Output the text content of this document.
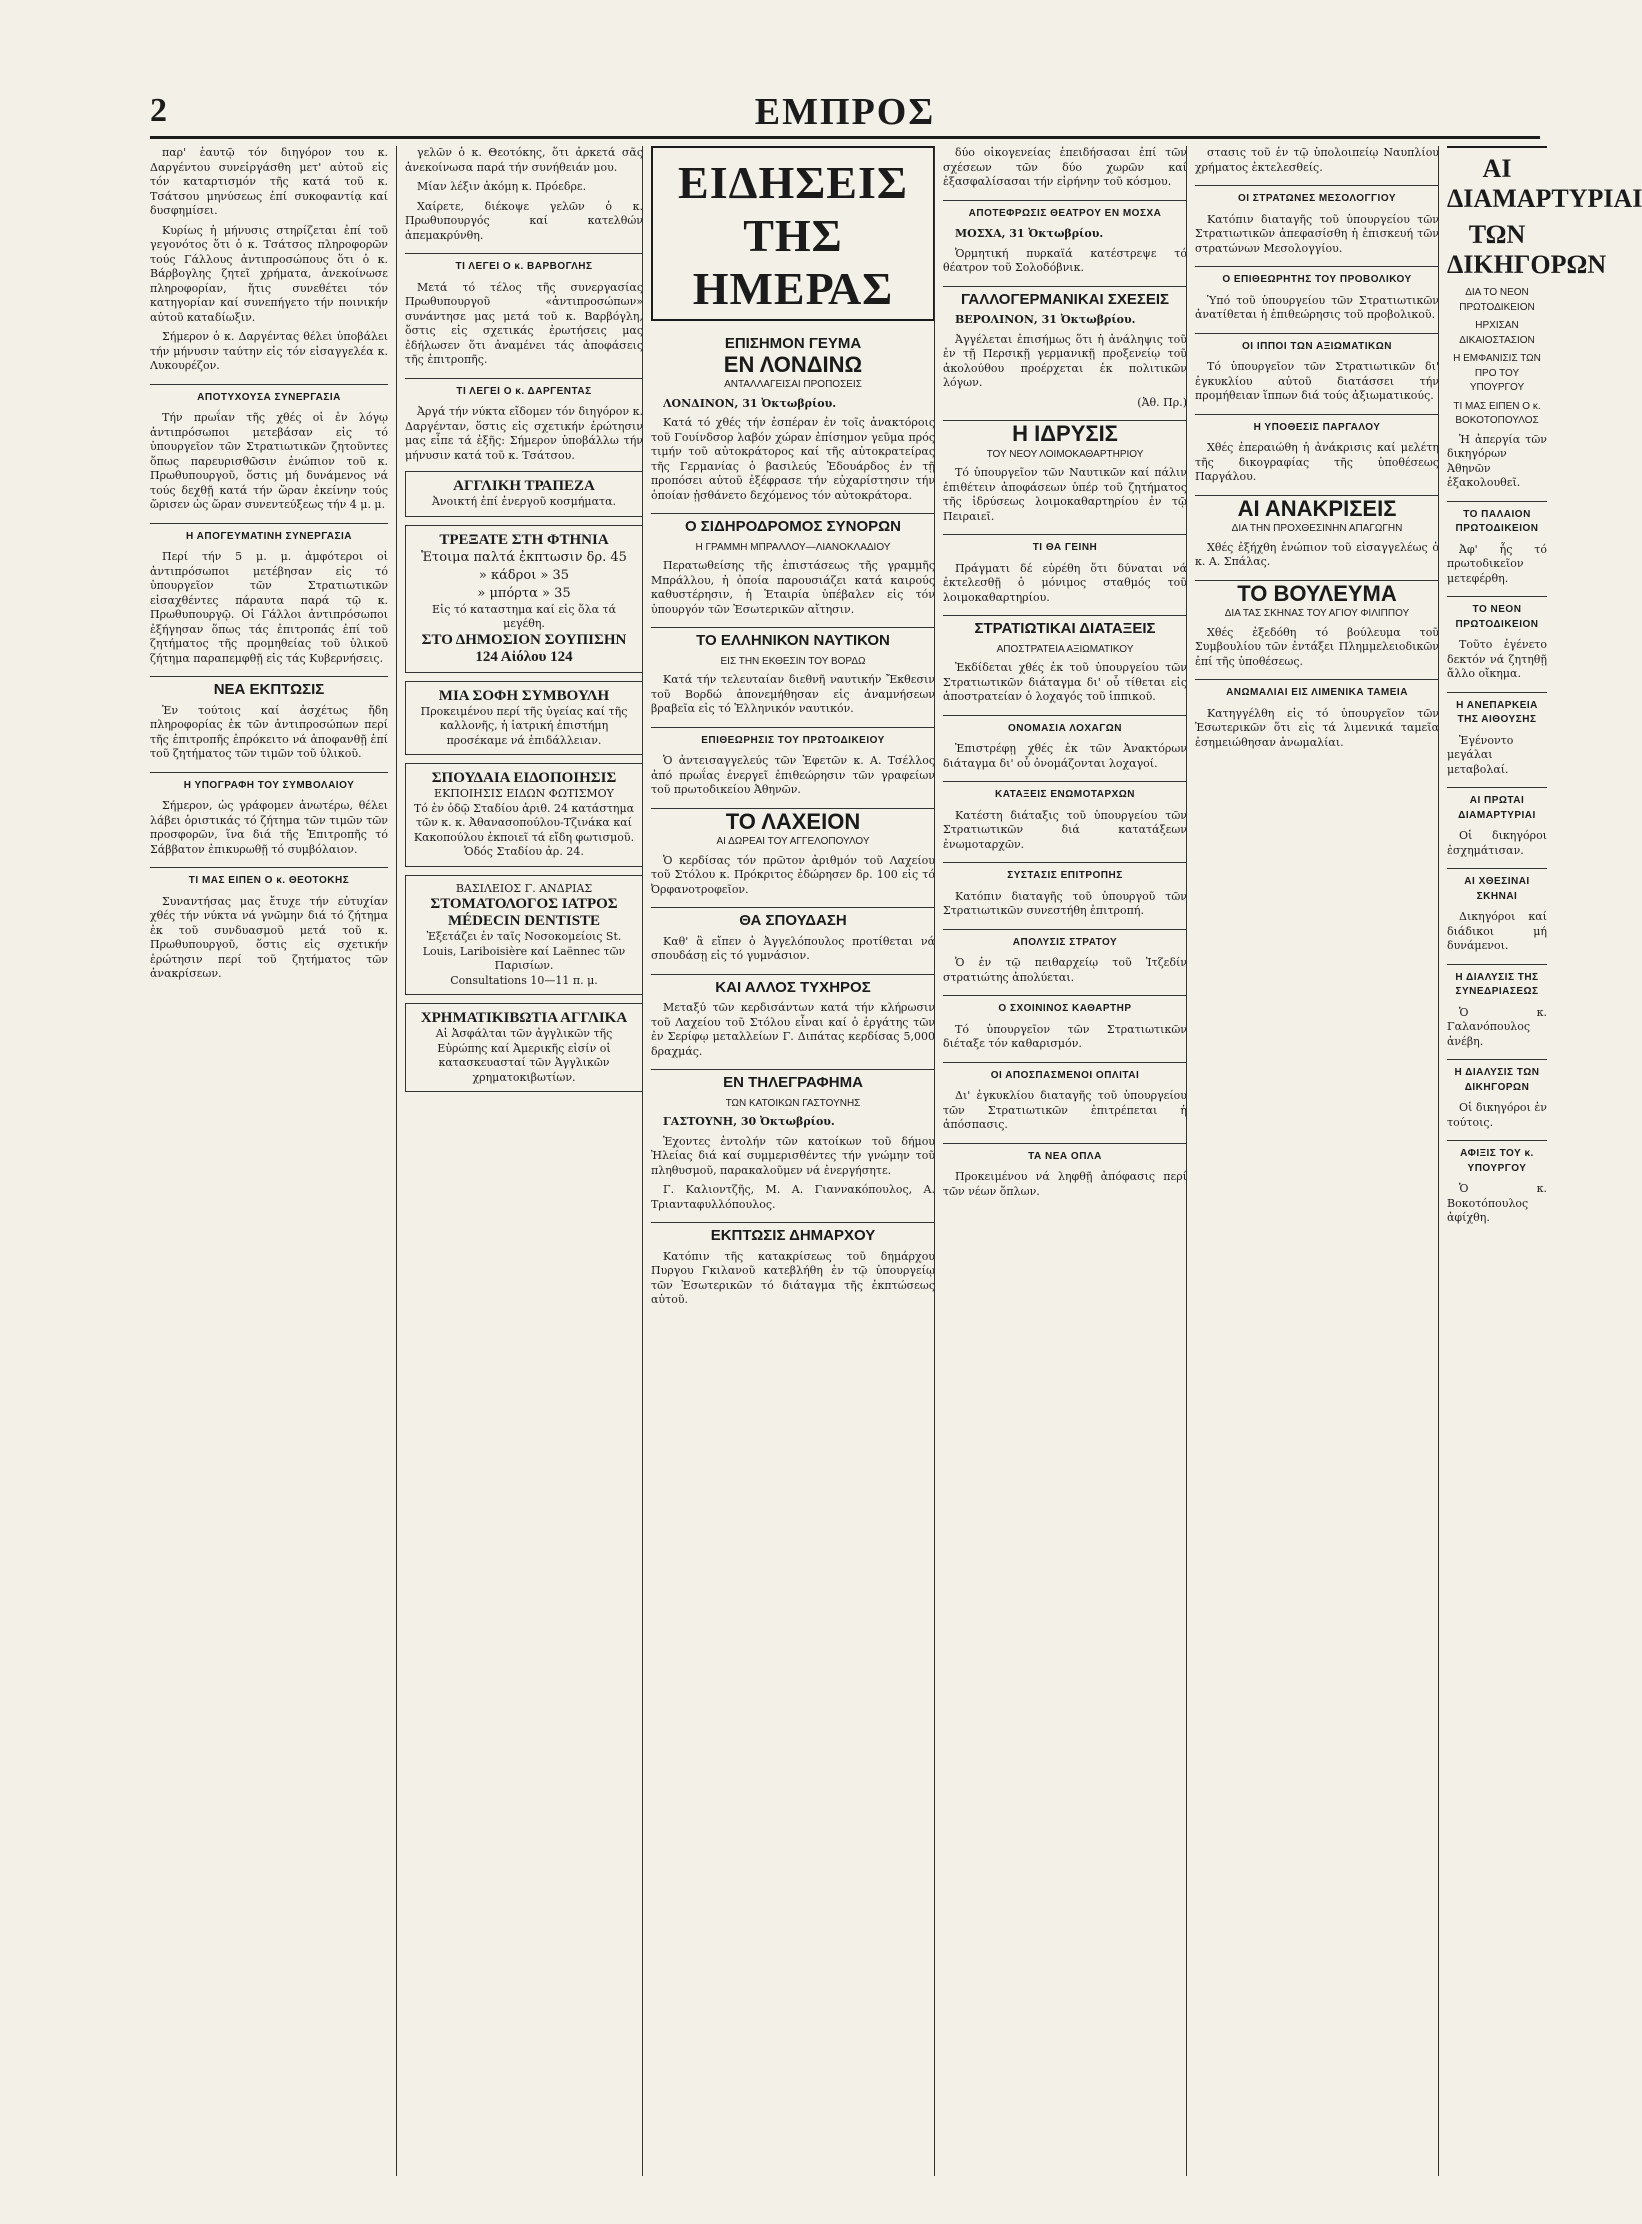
2	ΕΜΠΡΟΣ

παρ' ἑαυτῷ τόν διηγόρον του κ. Δαργέντου συνεἰργάσθη μετ' αὐτοῦ εἰς τόν καταρτισμόν τῆς κατά τοῦ κ. Τσάτσου μηνύσεως ἐπί συκοφαντίᾳ καί δυσφημίσει.

Κυρίως ἡ μήνυσις στηρίζεται ἐπί τοῦ γεγονότος ὅτι ὁ κ. Τσάτσος πληροφορῶν τούς Γάλλους ἀντιπροσώπους ὅτι ὁ κ. Βάρβογλης ζητεῖ χρήματα, ἀνεκοίνωσε πληροφορίαν, ἥτις συνεθέτει τόν κατηγορίαν καί συνεπήγετο τήν ποινικήν αὐτοῦ καταδίωξιν.

Σήμερον ὁ κ. Δαργέντας θέλει ὑποβάλει τήν μήνυσιν ταύτην εἰς τόν εἰσαγγελέα κ. Λυκουρέζον.

ΑΠΟΤΥΧΟΥΣΑ ΣΥΝΕΡΓΑΣΙΑ

Τήν πρωΐαν τῆς χθές οἱ ἐν λόγῳ ἀντιπρόσωποι μετεβάσαν εἰς τό ὑπουργεῖον τῶν Στρατιωτικῶν ζητοῦντες ὅπως παρευρισθῶσιν ἐνώπιον τοῦ κ. Πρωθυπουργοῦ, ὅστις μή δυνάμενος νά τούς δεχθῇ κατά τήν ὥραν ἐκείνην τούς ὥρισεν ὡς ὥραν συνεντεύξεως τήν 4 μ. μ.

Η ΑΠΟΓΕΥΜΑΤΙΝΗ ΣΥΝΕΡΓΑΣΙΑ

Περί τήν 5 μ. μ. ἀμφότεροι οἱ ἀντιπρόσωποι μετέβησαν εἰς τό ὑπουργεῖον τῶν Στρατιωτικῶν εἰσαχθέντες πάραυτα παρά τῷ κ. Πρωθυπουργῷ. Οἱ Γάλλοι ἀντιπρόσωποι ἐξήγησαν ὅπως τάς ἐπιτροπάς ἐπί τοῦ ζητήματος τῆς προμηθείας τοῦ ὑλικοῦ ζήτημα παραπεμφθῇ εἰς τάς Κυβερνήσεις.

ΝΕΑ ΕΚΠΤΩΣΙΣ

Ἐν τούτοις καί ἀσχέτως ἤδη πληροφορίας ἐκ τῶν ἀντιπροσώπων περί τῆς ἐπιτροπῆς ἐπρόκειτο νά ἀποφανθῇ ἐπί τοῦ ζητήματος τῶν τιμῶν τοῦ ὑλικοῦ.

Η ΥΠΟΓΡΑΦΗ ΤΟΥ ΣΥΜΒΟΛΑΙΟΥ

Σήμερον, ὡς γράφομεν ἀνωτέρω, θέλει λάβει ὁριστικάς τό ζήτημα τῶν τιμῶν τῶν προσφορῶν, ἵνα διά τῆς Ἐπιτροπῆς τό Σάββατον ἐπικυρωθῇ τό συμβόλαιον.

ΤΙ ΜΑΣ ΕΙΠΕΝ Ο κ. ΘΕΟΤΟΚΗΣ

Συναντήσας μας ἔτυχε τήν εὐτυχίαν χθές τήν νύκτα νά γνῶμην διά τό ζήτημα ἐκ τοῦ συνδυασμοῦ μετά τοῦ κ. Πρωθυπουργοῦ, ὅστις εἰς σχετικήν ἐρώτησιν περί τοῦ ζητήματος τῶν ἀνακρίσεων.

γελῶν ὁ κ. Θεοτόκης, ὅτι ἀρκετά σᾶς ἀνεκοίνωσα παρά τήν συνήθειάν μου.

Μίαν λέξιν ἀκόμη κ. Πρόεδρε.

Χαίρετε, διέκοψε γελῶν ὁ κ. Πρωθυπουργός καί κατελθών ἀπεμακρύνθη.

ΤΙ ΛΕΓΕΙ Ο κ. ΒΑΡΒΟΓΛΗΣ

Μετά τό τέλος τῆς συνεργασίας Πρωθυπουργοῦ «ἀντιπροσώπων» συνάντησε μας μετά τοῦ κ. Βαρβόγλη, ὅστις εἰς σχετικάς ἐρωτήσεις μας ἐδήλωσεν ὅτι ἀναμένει τάς ἀποφάσεις τῆς ἐπιτροπῆς.

ΤΙ ΛΕΓΕΙ Ο κ. ΔΑΡΓΕΝΤΑΣ

Ἀργά τήν νύκτα εἴδομεν τόν διηγόρον κ. Δαργένταν, ὅστις εἰς σχετικήν ἐρώτησιν μας εἶπε τά ἑξῆς: Σήμερον ὑποβάλλω τήν μήνυσιν κατά τοῦ κ. Τσάτσου.

ΑΓΓΛΙΚΗ ΤΡΑΠΕΖΑ
Ἀνοικτή ἐπί ἐνεργοῦ κοσμήματα.
ΤΡΕΞΑΤΕ ΣΤΗ ΦΤΗΝΙΑ
Ἑτοιμα παλτά ἐκπτωσιν δρ. 45
» κάδροι » 35
» μπόρτα » 35
Εἰς τό καταστημα καί εἰς ὅλα τά μεγέθη.
ΣΤΟ ΔΗΜΟΣΙΟΝ ΣΟΥΠΙΣΗΝ
124 Αἰόλου 124
ΜΙΑ ΣΟΦΗ ΣΥΜΒΟΥΛΗ
Προκειμένου περί τῆς ὑγείας καί τῆς καλλονῆς, ἡ ἱατρική ἐπιστήμη προσέκαμε νά ἐπιδάλλειαν.
ΣΠΟΥΔΑΙΑ ΕΙΔΟΠΟΙΗΣΙΣ
ΕΚΠΟΙΗΣΙΣ ΕΙΔΩΝ ΦΩΤΙΣΜΟΥ
Τό ἐν ὁδῷ Σταδίου ἀριθ. 24 κατάστημα τῶν κ. κ. Ἀθανασοπούλου-Τζινάκα καί Κακοπούλου ἐκποιεῖ τά εἴδη φωτισμοῦ.
Ὁδός Σταδίου ἀρ. 24.
ΒΑΣΙΛΕΙΟΣ Γ. ΑΝΔΡΙΑΣ
ΣΤΟΜΑΤΟΛΟΓΟΣ ΙΑΤΡΟΣ
MÉDECIN DENTISTE
Ἐξετάζει ἐν ταῖς Νοσοκομείοις St. Louis, Lariboisière καί Laënnec τῶν Παρισίων.
Consultations 10—11 π. μ.
ΧΡΗΜΑΤΙΚΙΒΩΤΙΑ ΑΓΓΛΙΚΑ
Αἱ Ἀσφάλται τῶν ἀγγλικῶν τῆς Εὐρώπης καί Ἀμερικῆς εἰσίν οἱ κατασκευασταί τῶν Ἀγγλικῶν χρηματοκιβωτίων.
ΕΙΔΗΣΕΙΣ ΤΗΣ ΗΜΕΡΑΣ
ΕΠΙΣΗΜΟΝ ΓΕΥΜΑ
ΕΝ ΛΟΝΔΙΝΩ
ΑΝΤΑΛΛΑΓΕΙΣΑΙ ΠΡΟΠΟΣΕΙΣ

ΛΟΝΔΙΝΟΝ, 31 Ὀκτωβρίου.

Κατά τό χθές τήν ἑσπέραν ἐν τοῖς ἀνακτόροις τοῦ Γουίνδσορ λαβόν χώραν ἐπίσημον γεῦμα πρός τιμήν τοῦ αὐτοκράτορος καί τῆς αὐτοκρατείρας τῆς Γερμανίας ὁ βασιλεύς Ἐδουάρδος ἐν τῇ προπόσει αὐτοῦ ἐξέφρασε τήν εὐχαρίστησιν τήν ὁποίαν ᾐσθάνετο δεχόμενος τόν αὐτοκράτορα.

Ο ΣΙΔΗΡΟΔΡΟΜΟΣ ΣΥΝΟΡΩΝ
Η ΓΡΑΜΜΗ ΜΠΡΑΛΛΟΥ—ΛΙΑΝΟΚΛΑΔΙΟΥ

Περατωθείσης τῆς ἐπιστάσεως τῆς γραμμῆς Μπράλλου, ἡ ὁποία παρουσιάζει κατά καιρούς καθυστέρησιν, ἡ Ἑταιρία ὑπέβαλεν εἰς τόν ὑπουργόν τῶν Ἐσωτερικῶν αἴτησιν.

ΤΟ ΕΛΛΗΝΙΚΟΝ ΝΑΥΤΙΚΟΝ
ΕΙΣ ΤΗΝ ΕΚΘΕΣΙΝ ΤΟΥ ΒΟΡΔΩ

Κατά τήν τελευταίαν διεθνῆ ναυτικήν Ἔκθεσιν τοῦ Βορδώ ἀπονεμήθησαν εἰς ἀναμνήσεων βραβεῖα εἰς τό Ἑλληνικόν ναυτικόν.

ΕΠΙΘΕΩΡΗΣΙΣ ΤΟΥ ΠΡΩΤΟΔΙΚΕΙΟΥ

Ὁ ἀντεισαγγελεύς τῶν Ἐφετῶν κ. Α. Τσέλλος ἀπό πρωΐας ἐνεργεῖ ἐπιθεώρησιν τῶν γραφείων τοῦ πρωτοδικείου Ἀθηνῶν.

ΤΟ ΛΑΧΕΙΟΝ
ΑΙ ΔΩΡΕΑΙ ΤΟΥ ΑΓΓΕΛΟΠΟΥΛΟΥ

Ὁ κερδίσας τόν πρῶτον ἀριθμόν τοῦ Λαχείου τοῦ Στόλου κ. Πρόκριτος ἐδώρησεν δρ. 100 εἰς τό Ὀρφανοτροφεῖον.

ΘΑ ΣΠΟΥΔΑΣΗ

Καθ' ἃ εἴπεν ὁ Ἀγγελόπουλος προτίθεται νά σπουδάσῃ εἰς τό γυμνάσιον.

ΚΑΙ ΑΛΛΟΣ ΤΥΧΗΡΟΣ

Μεταξύ τῶν κερδισάντων κατά τήν κλήρωσιν τοῦ Λαχείου τοῦ Στόλου εἶναι καί ὁ ἐργάτης τῶν ἐν Σερίφῳ μεταλλείων Γ. Διπάτας κερδίσας 5,000 δραχμάς.

ΕΝ ΤΗΛΕΓΡΑΦΗΜΑ
ΤΩΝ ΚΑΤΟΙΚΩΝ ΓΑΣΤΟΥΝΗΣ

ΓΑΣΤΟΥΝΗ, 30 Ὀκτωβρίου.

Ἐχοντες ἐντολήν τῶν κατοίκων τοῦ δήμου Ἠλείας διά καί συμμερισθέντες τήν γνώμην τοῦ πληθυσμοῦ, παρακαλοῦμεν νά ἐνεργήσητε.

Γ. Καλιοντζῆς, Μ. Α. Γιαννακόπουλος, Α. Τριανταφυλλόπουλος.

ΕΚΠΤΩΣΙΣ ΔΗΜΑΡΧΟΥ

Κατόπιν τῆς κατακρίσεως τοῦ δημάρχου Πυργου Γκιλανοῦ κατεβλήθη ἐν τῷ ὑπουργείῳ τῶν Ἐσωτερικῶν τό διάταγμα τῆς ἐκπτώσεως αὐτοῦ.

δύο οἰκογενείας ἐπειδήσασαι ἐπί τῶν σχέσεων τῶν δύο χωρῶν καί ἐξασφαλίσασαι τήν εἰρήνην τοῦ κόσμου.

ΑΠΟΤΕΦΡΩΣΙΣ ΘΕΑΤΡΟΥ ΕΝ ΜΟΣΧΑ

ΜΟΣΧΑ, 31 Ὀκτωβρίου.

Ὁρμητική πυρκαϊά κατέστρεψε τό θέατρον τοῦ Σολοδόβνικ.

ΓΑΛΛΟΓΕΡΜΑΝΙΚΑΙ ΣΧΕΣΕΙΣ

ΒΕΡΟΛΙΝΟΝ, 31 Ὀκτωβρίου.

Ἀγγέλεται ἐπισήμως ὅτι ἡ ἀνάληψις τοῦ ἐν τῇ Περσικῇ γερμανικῇ προξενείῳ τοῦ ἀκολούθου προέρχεται ἐκ πολιτικῶν λόγων.

(Ἀθ. Πρ.)

Η ΙΔΡΥΣΙΣ
ΤΟΥ ΝΕΟΥ ΛΟΙΜΟΚΑΘΑΡΤΗΡΙΟΥ

Τό ὑπουργεῖον τῶν Ναυτικῶν καί πάλιν ἐπιθέτειν ἀποφάσεων ὑπέρ τοῦ ζητήματος τῆς ἱδρύσεως λοιμοκαθαρτηρίου ἐν τῷ Πειραιεῖ.

ΤΙ ΘΑ ΓΕΙΝΗ

Πράγματι δέ εὑρέθη ὅτι δύναται νά ἐκτελεσθῇ ὁ μόνιμος σταθμός τοῦ λοιμοκαθαρτηρίου.

ΣΤΡΑΤΙΩΤΙΚΑΙ ΔΙΑΤΑΞΕΙΣ
ΑΠΟΣΤΡΑΤΕΙΑ ΑΞΙΩΜΑΤΙΚΟΥ

Ἐκδίδεται χθές ἐκ τοῦ ὑπουργείου τῶν Στρατιωτικῶν διάταγμα δι' οὗ τίθεται εἰς ἀποστρατείαν ὁ λοχαγός τοῦ ἱππικοῦ.

ΟΝΟΜΑΣΙΑ ΛΟΧΑΓΩΝ

Ἐπιστρέφῃ χθές ἐκ τῶν Ἀνακτόρων διάταγμα δι' οὗ ὀνομάζονται λοχαγοί.

ΚΑΤΑΞΕΙΣ ΕΝΩΜΟΤΑΡΧΩΝ

Κατέστη διάταξις τοῦ ὑπουργείου τῶν Στρατιωτικῶν διά κατατάξεων ἐνωμοταρχῶν.

ΣΥΣΤΑΣΙΣ ΕΠΙΤΡΟΠΗΣ

Κατόπιν διαταγῆς τοῦ ὑπουργοῦ τῶν Στρατιωτικῶν συνεστήθη ἐπιτροπή.

ΑΠΟΛΥΣΙΣ ΣΤΡΑΤΟΥ

Ὁ ἐν τῷ πειθαρχείῳ τοῦ Ἰτζεδίν στρατιώτης ἀπολύεται.

Ο ΣΧΟΙΝΙΝΟΣ ΚΑΘΑΡΤΗΡ

Τό ὑπουργεῖον τῶν Στρατιωτικῶν διέταξε τόν καθαρισμόν.

ΟΙ ΑΠΟΣΠΑΣΜΕΝΟΙ ΟΠΛΙΤΑΙ

Δι' ἐγκυκλίου διαταγῆς τοῦ ὑπουργείου τῶν Στρατιωτικῶν ἐπιτρέπεται ἡ ἀπόσπασις.

ΤΑ ΝΕΑ ΟΠΛΑ

Προκειμένου νά ληφθῇ ἀπόφασις περί τῶν νέων ὅπλων.

στασις τοῦ ἐν τῷ ὑπολοιπείῳ Ναυπλίου χρήματος ἐκτελεσθείς.

ΟΙ ΣΤΡΑΤΩΝΕΣ ΜΕΣΟΛΟΓΓΙΟΥ

Κατόπιν διαταγῆς τοῦ ὑπουργείου τῶν Στρατιωτικῶν ἀπεφασίσθη ἡ ἐπισκευή τῶν στρατώνων Μεσολογγίου.

Ο ΕΠΙΘΕΩΡΗΤΗΣ ΤΟΥ ΠΡΟΒΟΛΙΚΟΥ

Ὑπό τοῦ ὑπουργείου τῶν Στρατιωτικῶν ἀνατίθεται ἡ ἐπιθεώρησις τοῦ προβολικοῦ.

ΟΙ ΙΠΠΟΙ ΤΩΝ ΑΞΙΩΜΑΤΙΚΩΝ

Τό ὑπουργεῖον τῶν Στρατιωτικῶν δι' ἐγκυκλίου αὐτοῦ διατάσσει τήν προμήθειαν ἵππων διά τούς ἀξιωματικούς.

Η ΥΠΟΘΕΣΙΣ ΠΑΡΓΑΛΟΥ

Χθές ἐπεραιώθη ἡ ἀνάκρισις καί μελέτη τῆς δικογραφίας τῆς ὑποθέσεως Παργάλου.

ΑΙ ΑΝΑΚΡΙΣΕΙΣ
ΔΙΑ ΤΗΝ ΠΡΟΧΘΕΣΙΝΗΝ ΑΠΑΓΩΓΗΝ

Χθές ἐξήχθη ἐνώπιον τοῦ εἰσαγγελέως ὁ κ. Α. Σπάλας.

ΤΟ ΒΟΥΛΕΥΜΑ
ΔΙΑ ΤΑΣ ΣΚΗΝΑΣ ΤΟΥ ΑΓΙΟΥ ΦΙΛΙΠΠΟΥ

Χθές ἐξεδόθη τό βούλευμα τοῦ Συμβουλίου τῶν ἐντάξει Πλημμελειοδικῶν ἐπί τῆς ὑποθέσεως.

ΑΝΩΜΑΛΙΑΙ ΕΙΣ ΛΙΜΕΝΙΚΑ ΤΑΜΕΙΑ

Κατηγγέλθη εἰς τό ὑπουργεῖον τῶν Ἐσωτερικῶν ὅτι εἰς τά λιμενικά ταμεῖα ἐσημειώθησαν ἀνωμαλίαι.

ΑΙ ΔΙΑΜΑΡΤΥΡΙΑΙ
ΤΩΝ ΔΙΚΗΓΟΡΩΝ
ΔΙΑ ΤΟ ΝΕΟΝ ΠΡΩΤΟΔΙΚΕΙΟΝ
ΗΡΧΙΣΑΝ ΔΙΚΑΙΟΣΤΑΣΙΟΝ
Η ΕΜΦΑΝΙΣΙΣ ΤΩΝ ΠΡΟ ΤΟΥ ΥΠΟΥΡΓΟΥ
ΤΙ ΜΑΣ ΕΙΠΕΝ Ο κ. ΒΟΚΟΤΟΠΟΥΛΟΣ

Ἡ ἀπεργία τῶν δικηγόρων Ἀθηνῶν ἐξακολουθεῖ.

ΤΟ ΠΑΛΑΙΟΝ ΠΡΩΤΟΔΙΚΕΙΟΝ

Ἀφ' ἧς τό πρωτοδικεῖον μετεφέρθη.

ΤΟ ΝΕΟΝ ΠΡΩΤΟΔΙΚΕΙΟΝ

Τοῦτο ἐγένετο δεκτόν νά ζητηθῇ ἄλλο οἴκημα.

Η ΑΝΕΠΑΡΚΕΙΑ ΤΗΣ ΑΙΘΟΥΣΗΣ

Ἐγένοντο μεγάλαι μεταβολαί.

ΑΙ ΠΡΩΤΑΙ ΔΙΑΜΑΡΤΥΡΙΑΙ

Οἱ δικηγόροι ἐσχημάτισαν.

ΑΙ ΧΘΕΣΙΝΑΙ ΣΚΗΝΑΙ

Δικηγόροι καί διάδικοι μή δυνάμενοι.

Η ΔΙΑΛΥΣΙΣ ΤΗΣ ΣΥΝΕΔΡΙΑΣΕΩΣ

Ὁ κ. Γαλανόπουλος ἀνέβη.

Η ΔΙΑΛΥΣΙΣ ΤΩΝ ΔΙΚΗΓΟΡΩΝ

Οἱ δικηγόροι ἐν τούτοις.

ΑΦΙΞΙΣ ΤΟΥ κ. ΥΠΟΥΡΓΟΥ

Ὁ κ. Βοκοτόπουλος ἀφίχθη.
